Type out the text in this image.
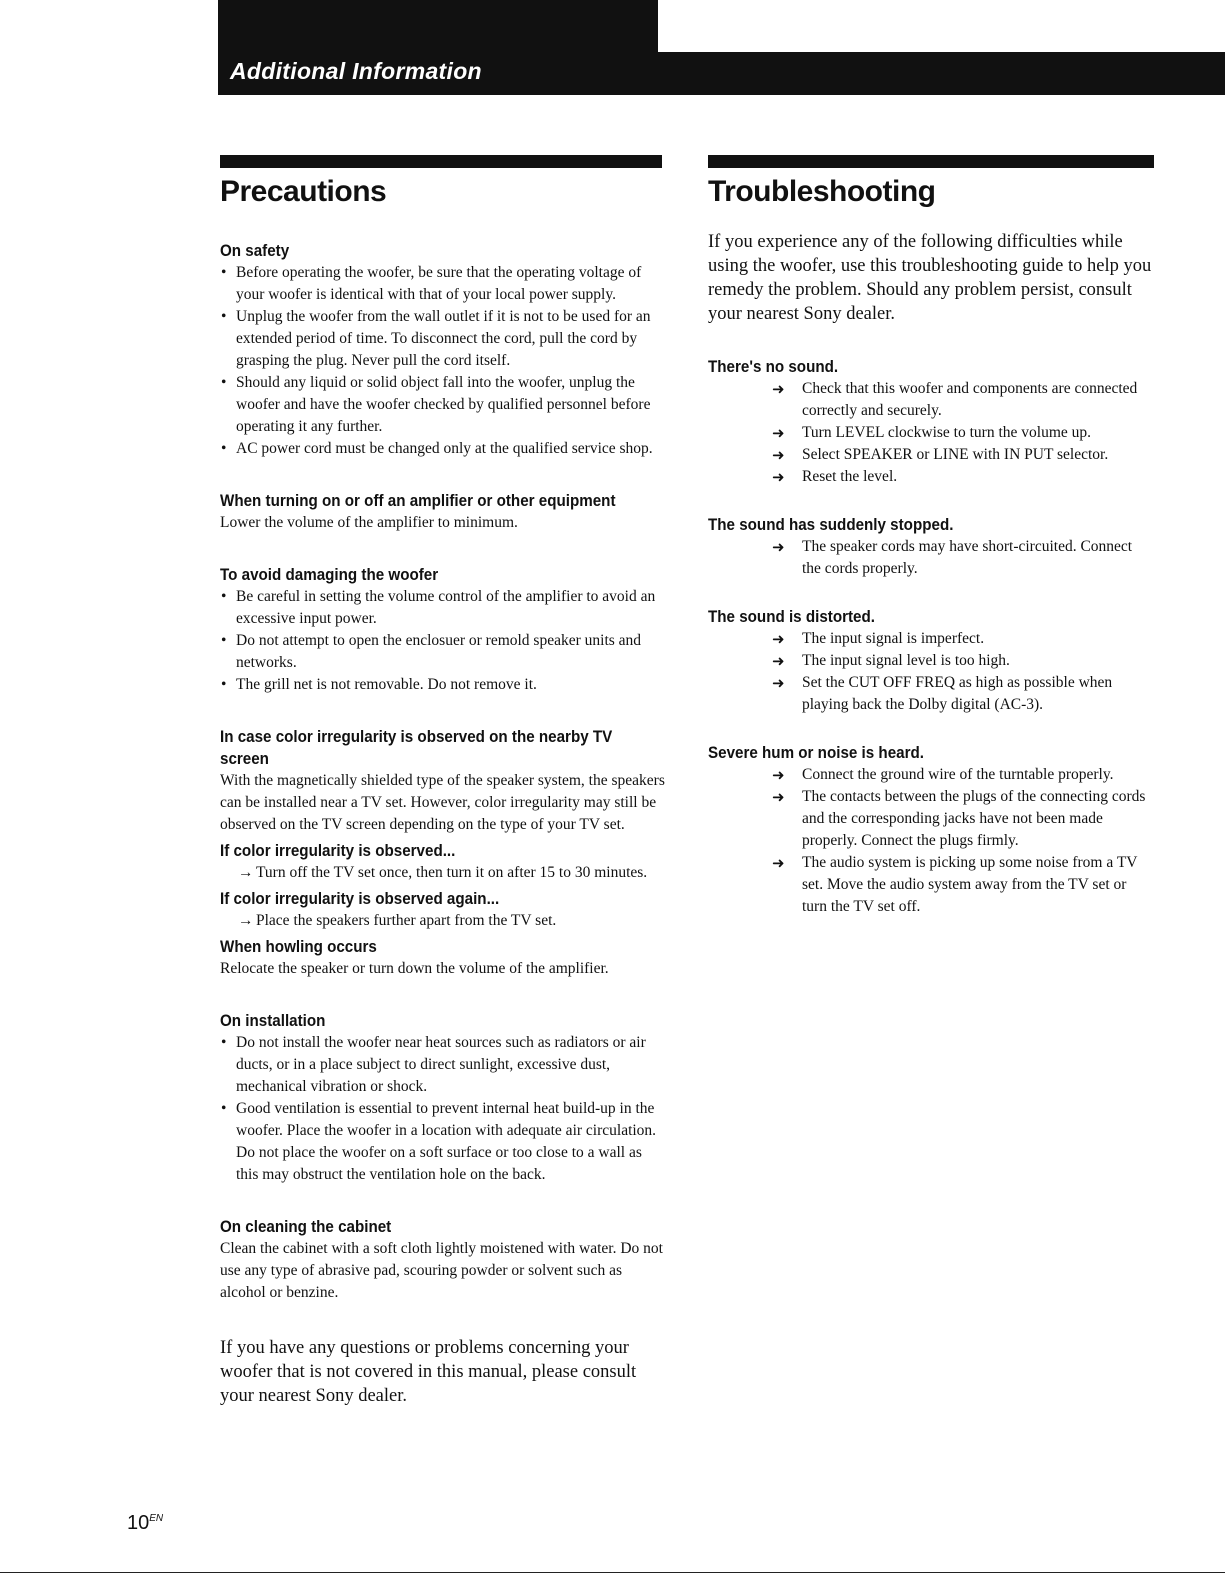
Additional Information
Precautions
On safety
• Before operating the woofer, be sure that the operating voltage of your woofer is identical with that of your local power supply.
• Unplug the woofer from the wall outlet if it is not to be used for an extended period of time. To disconnect the cord, pull the cord by grasping the plug. Never pull the cord itself.
• Should any liquid or solid object fall into the woofer, unplug the woofer and have the woofer checked by qualified personnel before operating it any further.
• AC power cord must be changed only at the qualified service shop.
When turning on or off an amplifier or other equipment

Lower the volume of the amplifier to minimum.

To avoid damaging the woofer
• Be careful in setting the volume control of the amplifier to avoid an excessive input power.
• Do not attempt to open the enclosuer or remold speaker units and networks.
• The grill net is not removable. Do not remove it.
In case color irregularity is observed on the nearby TV screen

With the magnetically shielded type of the speaker system, the speakers can be installed near a TV set. However, color irregularity may still be observed on the TV screen depending on the type of your TV set.

If color irregularity is observed...
→ Turn off the TV set once, then turn it on after 15 to 30 minutes.
If color irregularity is observed again...
→ Place the speakers further apart from the TV set.
When howling occurs

Relocate the speaker or turn down the volume of the amplifier.

On installation
• Do not install the woofer near heat sources such as radiators or air ducts, or in a place subject to direct sunlight, excessive dust, mechanical vibration or shock.
• Good ventilation is essential to prevent internal heat build-up in the woofer. Place the woofer in a location with adequate air circulation. Do not place the woofer on a soft surface or too close to a wall as this may obstruct the ventilation hole on the back.
On cleaning the cabinet

Clean the cabinet with a soft cloth lightly moistened with water. Do not use any type of abrasive pad, scouring powder or solvent such as alcohol or benzine.

If you have any questions or problems concerning your woofer that is not covered in this manual, please consult your nearest Sony dealer.

Troubleshooting

If you experience any of the following difficulties while using the woofer, use this troubleshooting guide to help you remedy the problem. Should any problem persist, consult your nearest Sony dealer.

There's no sound.
➜ Check that this woofer and components are connected correctly and securely.
➜ Turn LEVEL clockwise to turn the volume up.
➜ Select SPEAKER or LINE with IN PUT selector.
➜ Reset the level.
The sound has suddenly stopped.
➜ The speaker cords may have short-circuited. Connect the cords properly.
The sound is distorted.
➜ The input signal is imperfect.
➜ The input signal level is too high.
➜ Set the CUT OFF FREQ as high as possible when playing back the Dolby digital (AC-3).
Severe hum or noise is heard.
➜ Connect the ground wire of the turntable properly.
➜ The contacts between the plugs of the connecting cords and the corresponding jacks have not been made properly. Connect the plugs firmly.
➜ The audio system is picking up some noise from a TV set. Move the audio system away from the TV set or turn the TV set off.
$10^{EN}$
